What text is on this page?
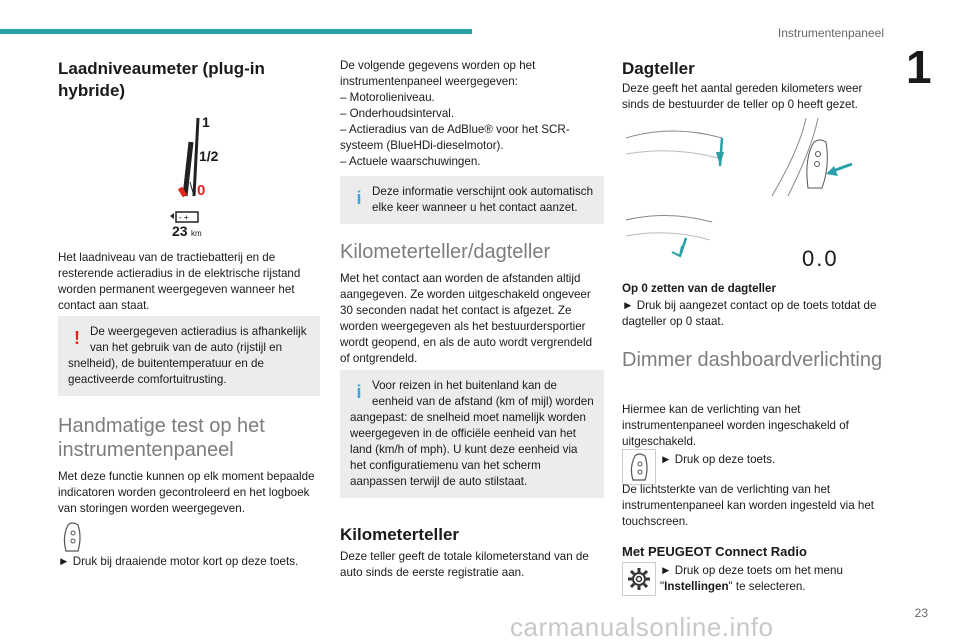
Instrumentenpaneel
1
Laadniveaumeter (plug-in hybride)
- +
1
1/2
0
23 km

Het laadniveau van de tractiebatterij en de resterende actieradius in de elektrische rijstand worden permanent weergegeven wanneer het contact aan staat.

! De weergegeven actieradius is afhankelijk van het gebruik van de auto (rijstijl en snelheid), de buitentemperatuur en de geactiveerde comfortuitrusting.
Handmatige test op het instrumentenpaneel

Met deze functie kunnen op elk moment bepaalde indicatoren worden gecontroleerd en het logboek van storingen worden weergegeven.

► Druk bij draaiende motor kort op deze toets.

De volgende gegevens worden op het instrumentenpaneel weergegeven:

– Motorolieniveau.

– Onderhoudsinterval.

– Actieradius van de AdBlue® voor het SCR-systeem (BlueHDi-dieselmotor).

– Actuele waarschuwingen.

i Deze informatie verschijnt ook automatisch elke keer wanneer u het contact aanzet.
Kilometerteller/dagteller

Met het contact aan worden de afstanden altijd aangegeven. Ze worden uitgeschakeld ongeveer 30 seconden nadat het contact is afgezet. Ze worden weergegeven als het bestuurdersportier wordt geopend, en als de auto wordt vergrendeld of ontgrendeld.

i Voor reizen in het buitenland kan de eenheid van de afstand (km of mijl) worden aangepast: de snelheid moet namelijk worden weergegeven in de officiële eenheid van het land (km/h of mph). U kunt deze eenheid via het configuratiemenu van het scherm aanpassen terwijl de auto stilstaat.
Kilometerteller

Deze teller geeft de totale kilometerstand van de auto sinds de eerste registratie aan.

Dagteller

Deze geeft het aantal gereden kilometers weer sinds de bestuurder de teller op 0 heeft gezet.

0.0
Op 0 zetten van de dagteller

► Druk bij aangezet contact op de toets totdat de dagteller op 0 staat.

Dimmer dashboardverlichting

Hiermee kan de verlichting van het instrumentenpaneel worden ingeschakeld of uitgeschakeld.

► Druk op deze toets.

De lichtsterkte van de verlichting van het instrumentenpaneel kan worden ingesteld via het touchscreen.

Met PEUGEOT Connect Radio

► Druk op deze toets om het menu "Instellingen" te selecteren.

carmanualsonline.info	23
